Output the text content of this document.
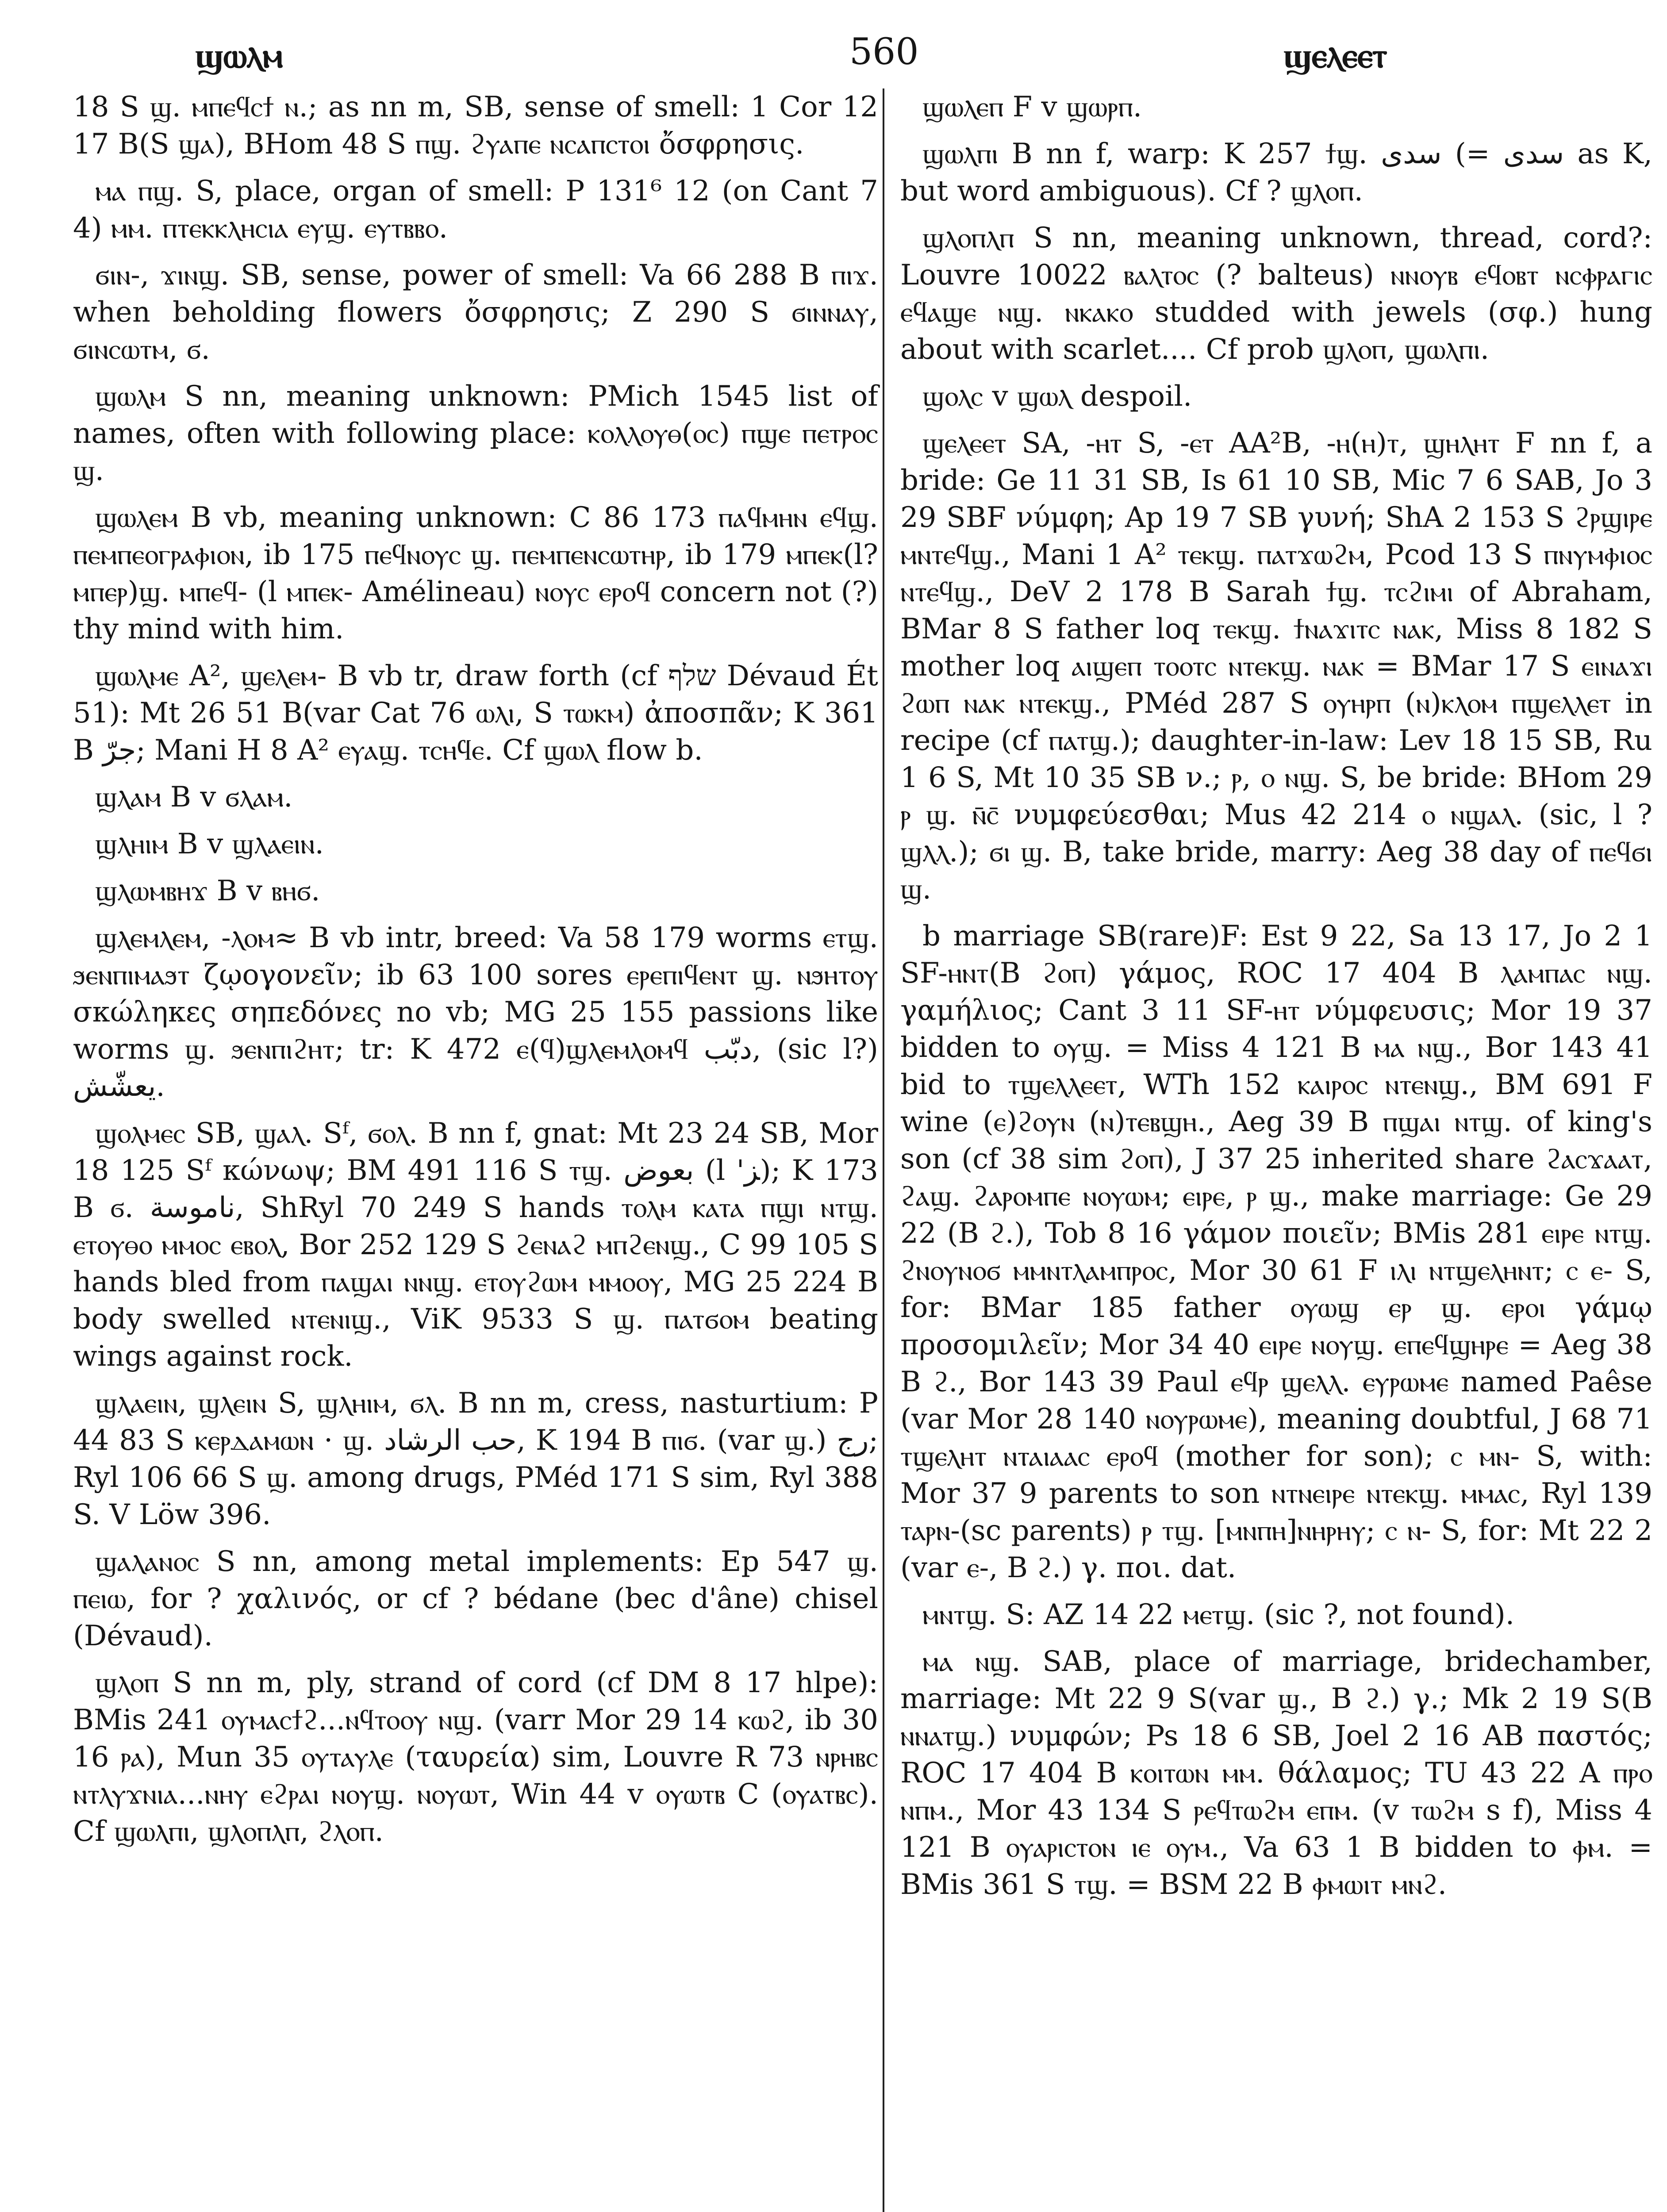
ϣⲱⲗⲙ	560	ϣⲉⲗⲉⲉⲧ

18 S ϣ. ⲙⲡⲉϥⲥϯ ⲛ.; as nn m, SB, sense of smell: 1 Cor 12 17 B(S ϣⲁ), BHom 48 S ⲡϣ. ϩⲩⲁⲡⲉ ⲛⲥⲁⲡⲥⲧⲟⲓ ὄσφρησις.

ⲙⲁ ⲡϣ. S, place, organ of smell: P 131⁶ 12 (on Cant 7 4) ⲙⲙ. ⲡⲧⲉⲕⲕⲗⲏⲥⲓⲁ ⲉⲩϣ. ⲉⲩⲧⲃⲃⲟ.

ϭⲓⲛ-, ϫⲓⲛϣ. SB, sense, power of smell: Va 66 288 B ⲡⲓϫ. when beholding flowers ὄσφρησις; Z 290 S ϭⲓⲛⲛⲁⲩ, ϭⲓⲛⲥⲱⲧⲙ, ϭ.

ϣⲱⲗⲙ S nn, meaning unknown: PMich 1545 list of names, often with following place: ⲕⲟⲗⲗⲟⲩⲑ(ⲟⲥ) ⲡϣⲉ ⲡⲉⲧⲣⲟⲥ ϣ.

ϣⲱⲗⲉⲙ B vb, meaning unknown: C 86 173 ⲡⲁϥⲙⲏⲛ ⲉϥϣ. ⲡⲉⲙⲡⲉⲟⲅⲣⲁⲫⲓⲟⲛ, ib 175 ⲡⲉϥⲛⲟⲩⲥ ϣ. ⲡⲉⲙⲡⲉⲛⲥⲱⲧⲏⲣ, ib 179 ⲙⲡⲉⲕ(l? ⲙⲡⲉⲣ)ϣ. ⲙⲡⲉϥ- (l ⲙⲡⲉⲕ- Amélineau) ⲛⲟⲩⲥ ⲉⲣⲟϥ concern not (?) thy mind with him.

ϣⲱⲗⲙⲉ A², ϣⲉⲗⲉⲙ- B vb tr, draw forth (cf שלף Dévaud Ét 51): Mt 26 51 B(var Cat 76 ⲱⲗⲓ, S ⲧⲱⲕⲙ) ἀποσπᾶν; K 361 B جرّ; Mani H 8 A² ⲉⲩⲁϣ. ⲧⲥⲏϥⲉ. Cf ϣⲱⲗ flow b.

ϣⲗⲁⲙ B v ϭⲗⲁⲙ.

ϣⲗⲏⲓⲙ B v ϣⲗⲁⲉⲓⲛ.

ϣⲗⲱⲙⲃⲏϫ B v ⲃⲏϭ.

ϣⲗⲉⲙⲗⲉⲙ, -ⲗⲟⲙ≈ B vb intr, breed: Va 58 179 worms ⲉⲧϣ. ϧⲉⲛⲡⲓⲙⲁϧⲧ ζῳογονεῖν; ib 63 100 sores ⲉⲣⲉⲡⲓϥⲉⲛⲧ ϣ. ⲛϧⲏⲧⲟⲩ σκώληκες σηπεδόνες no vb; MG 25 155 passions like worms ϣ. ϧⲉⲛⲡⲓϩⲏⲧ; tr: K 472 ⲉ(ϥ)ϣⲗⲉⲙⲗⲟⲙϥ دبّب, (sic l?) يعشّش.

ϣⲟⲗⲙⲉⲥ SB, ϣⲁⲗ. Sᶠ, ϭⲟⲗ. B nn f, gnat: Mt 23 24 SB, Mor 18 125 Sᶠ κώνωψ; BM 491 116 S ⲧϣ. بعوض (l 'ﺰ); K 173 B ϭ. ناموسة, ShRyl 70 249 S hands ⲧⲟⲗⲙ ⲕⲁⲧⲁ ⲡϣⲓ ⲛⲧϣ. ⲉⲧⲟⲩⲑⲟ ⲙⲙⲟⲥ ⲉⲃⲟⲗ, Bor 252 129 S ϩⲉⲛⲁϩ ⲙⲡϩⲉⲛϣ., C 99 105 S hands bled from ⲡⲁϣⲁⲓ ⲛⲛϣ. ⲉⲧⲟⲩϩⲱⲙ ⲙⲙⲟⲟⲩ, MG 25 224 B body swelled ⲛⲧⲉⲛⲓϣ., ViK 9533 S ϣ. ⲡⲁⲧϭⲟⲙ beating wings against rock.

ϣⲗⲁⲉⲓⲛ, ϣⲗⲉⲓⲛ S, ϣⲗⲏⲓⲙ, ϭⲗ. B nn m, cress, nasturtium: P 44 83 S ⲕⲉⲣⲇⲁⲙⲱⲛ · ϣ. حب الرشاد, K 194 B ⲡⲓϭ. (var ϣ.) رج; Ryl 106 66 S ϣ. among drugs, PMéd 171 S sim, Ryl 388 S. V Löw 396.

ϣⲁⲗⲁⲛⲟⲥ S nn, among metal implements: Ep 547 ϣ. ⲡⲉⲓⲱ, for ? χαλινός, or cf ? bédane (bec d'âne) chisel (Dévaud).

ϣⲗⲟⲡ S nn m, ply, strand of cord (cf DM 8 17 hlpe): BMis 241 ⲟⲩⲙⲁⲥϯϩ...ⲛϥⲧⲟⲟⲩ ⲛϣ. (varr Mor 29 14 ⲕⲱϩ, ib 30 16 ⲣⲁ), Mun 35 ⲟⲩⲧⲁⲩⲗⲉ (ταυρεία) sim, Louvre R 73 ⲛⲣⲏⲃⲥ ⲛⲧⲗⲩϫⲛⲓⲁ...ⲛⲏⲩ ⲉϩⲣⲁⲓ ⲛⲟⲩϣ. ⲛⲟⲩⲱⲧ, Win 44 v ⲟⲩⲱⲧⲃ C (ⲟⲩⲁⲧⲃⲥ). Cf ϣⲱⲗⲡⲓ, ϣⲗⲟⲡⲗⲡ, ϩⲗⲟⲡ.

ϣⲱⲗⲉⲡ F v ϣⲱⲣⲡ.

ϣⲱⲗⲡⲓ B nn f, warp: K 257 ϯϣ. سدى (= سدى as K, but word ambiguous). Cf ? ϣⲗⲟⲡ.

ϣⲗⲟⲡⲗⲡ S nn, meaning unknown, thread, cord?: Louvre 10022 ⲃⲁⲗⲧⲟⲥ (? balteus) ⲛⲛⲟⲩⲃ ⲉϥⲟⲃⲧ ⲛⲥⲫⲣⲁⲅⲓⲥ ⲉϥⲁϣⲉ ⲛϣ. ⲛⲕⲁⲕⲟ studded with jewels (σφ.) hung about with scarlet.... Cf prob ϣⲗⲟⲡ, ϣⲱⲗⲡⲓ.

ϣⲟⲗⲥ v ϣⲱⲗ despoil.

ϣⲉⲗⲉⲉⲧ SA, -ⲏⲧ S, -ⲉⲧ AA²B, -ⲏ(ⲏ)ⲧ, ϣⲏⲗⲏⲧ F nn f, a bride: Ge 11 31 SB, Is 61 10 SB, Mic 7 6 SAB, Jo 3 29 SBF νύμφη; Ap 19 7 SB γυνή; ShA 2 153 S ϩⲣϣⲓⲣⲉ ⲙⲛⲧⲉϥϣ., Mani 1 A² ⲧⲉⲕϣ. ⲡⲁⲧϫⲱϩⲙ, Pcod 13 S ⲡⲛⲩⲙⲫⲓⲟⲥ ⲛⲧⲉϥϣ., DeV 2 178 B Sarah ϯϣ. ⲧⲥϩⲓⲙⲓ of Abraham, BMar 8 S father loq ⲧⲉⲕϣ. ϯⲛⲁϫⲓⲧⲥ ⲛⲁⲕ, Miss 8 182 S mother loq ⲁⲓϣⲉⲡ ⲧⲟⲟⲧⲥ ⲛⲧⲉⲕϣ. ⲛⲁⲕ = BMar 17 S ⲉⲓⲛⲁϫⲓ ϩⲱⲡ ⲛⲁⲕ ⲛⲧⲉⲕϣ., PMéd 287 S ⲟⲩⲏⲣⲡ (ⲛ)ⲕⲗⲟⲙ ⲡϣⲉⲗⲗⲉⲧ in recipe (cf ⲡⲁⲧϣ.); daughter-in-law: Lev 18 15 SB, Ru 1 6 S, Mt 10 35 SB ν.; ⲣ, ⲟ ⲛϣ. S, be bride: BHom 29 ⲣ ϣ. ⲛ̄ⲥ̄ νυμφεύεσθαι; Mus 42 214 ⲟ ⲛϣⲁⲗ. (sic, l ? ϣⲗⲗ.); ϭⲓ ϣ. B, take bride, marry: Aeg 38 day of ⲡⲉϥϭⲓ ϣ.

b marriage SB(rare)F: Est 9 22, Sa 13 17, Jo 2 1 SF-ⲏⲛⲧ(B ϩⲟⲡ) γάμος, ROC 17 404 B ⲗⲁⲙⲡⲁⲥ ⲛϣ. γαμήλιος; Cant 3 11 SF-ⲏⲧ νύμφευσις; Mor 19 37 bidden to ⲟⲩϣ. = Miss 4 121 B ⲙⲁ ⲛϣ., Bor 143 41 bid to ⲧϣⲉⲗⲗⲉⲉⲧ, WTh 152 ⲕⲁⲓⲣⲟⲥ ⲛⲧⲉⲛϣ., BM 691 F wine (ⲉ)ϩⲟⲩⲛ (ⲛ)ⲧⲉⲃϣⲏ., Aeg 39 B ⲡϣⲁⲓ ⲛⲧϣ. of king's son (cf 38 sim ϩⲟⲡ), J 37 25 inherited share ϩⲁⲥϫⲁⲁⲧ, ϩⲁϣ. ϩⲁⲣⲟⲙⲡⲉ ⲛⲟⲩⲱⲙ; ⲉⲓⲣⲉ, ⲣ ϣ., make marriage: Ge 29 22 (B ϩ.), Tob 8 16 γάμον ποιεῖν; BMis 281 ⲉⲓⲣⲉ ⲛⲧϣ. ϩⲛⲟⲩⲛⲟϭ ⲙⲙⲛⲧⲗⲁⲙⲡⲣⲟⲥ, Mor 30 61 F ⲓⲗⲓ ⲛⲧϣⲉⲗⲏⲛⲧ; ⲥ ⲉ- S, for: BMar 185 father ⲟⲩⲱϣ ⲉⲣ ϣ. ⲉⲣⲟⲓ γάμῳ προσομιλεῖν; Mor 34 40 ⲉⲓⲣⲉ ⲛⲟⲩϣ. ⲉⲡⲉϥϣⲏⲣⲉ = Aeg 38 B ϩ., Bor 143 39 Paul ⲉϥⲣ ϣⲉⲗⲗ. ⲉⲩⲣⲱⲙⲉ named Paêse (var Mor 28 140 ⲛⲟⲩⲣⲱⲙⲉ), meaning doubtful, J 68 71 ⲧϣⲉⲗⲏⲧ ⲛⲧⲁⲓⲁⲁⲥ ⲉⲣⲟϥ (mother for son); ⲥ ⲙⲛ- S, with: Mor 37 9 parents to son ⲛⲧⲛⲉⲓⲣⲉ ⲛⲧⲉⲕϣ. ⲙⲙⲁⲥ, Ryl 139 ⲧⲁⲣⲛ-(sc parents) ⲣ ⲧϣ. [ⲙⲛⲡⲏ]ⲛⲏⲣⲏⲩ; ⲥ ⲛ- S, for: Mt 22 2 (var ⲉ-, B ϩ.) γ. ποι. dat.

ⲙⲛⲧϣ. S: AZ 14 22 ⲙⲉⲧϣ. (sic ?, not found).

ⲙⲁ ⲛϣ. SAB, place of marriage, bridechamber, marriage: Mt 22 9 S(var ϣ., B ϩ.) γ.; Mk 2 19 S(B ⲛⲛⲁⲧϣ.) νυμφών; Ps 18 6 SB, Joel 2 16 AB παστός; ROC 17 404 B ⲕⲟⲓⲧⲱⲛ ⲙⲙ. θάλαμος; TU 43 22 A ⲡⲣⲟ ⲛⲡⲙ., Mor 43 134 S ⲣⲉϥⲧⲱϩⲙ ⲉⲡⲙ. (v ⲧⲱϩⲙ s f), Miss 4 121 B ⲟⲩⲁⲣⲓⲥⲧⲟⲛ ⲓⲉ ⲟⲩⲙ., Va 63 1 B bidden to ⲫⲙ. = BMis 361 S ⲧϣ. = BSM 22 B ⲫⲙⲱⲓⲧ ⲙⲛϩ.
